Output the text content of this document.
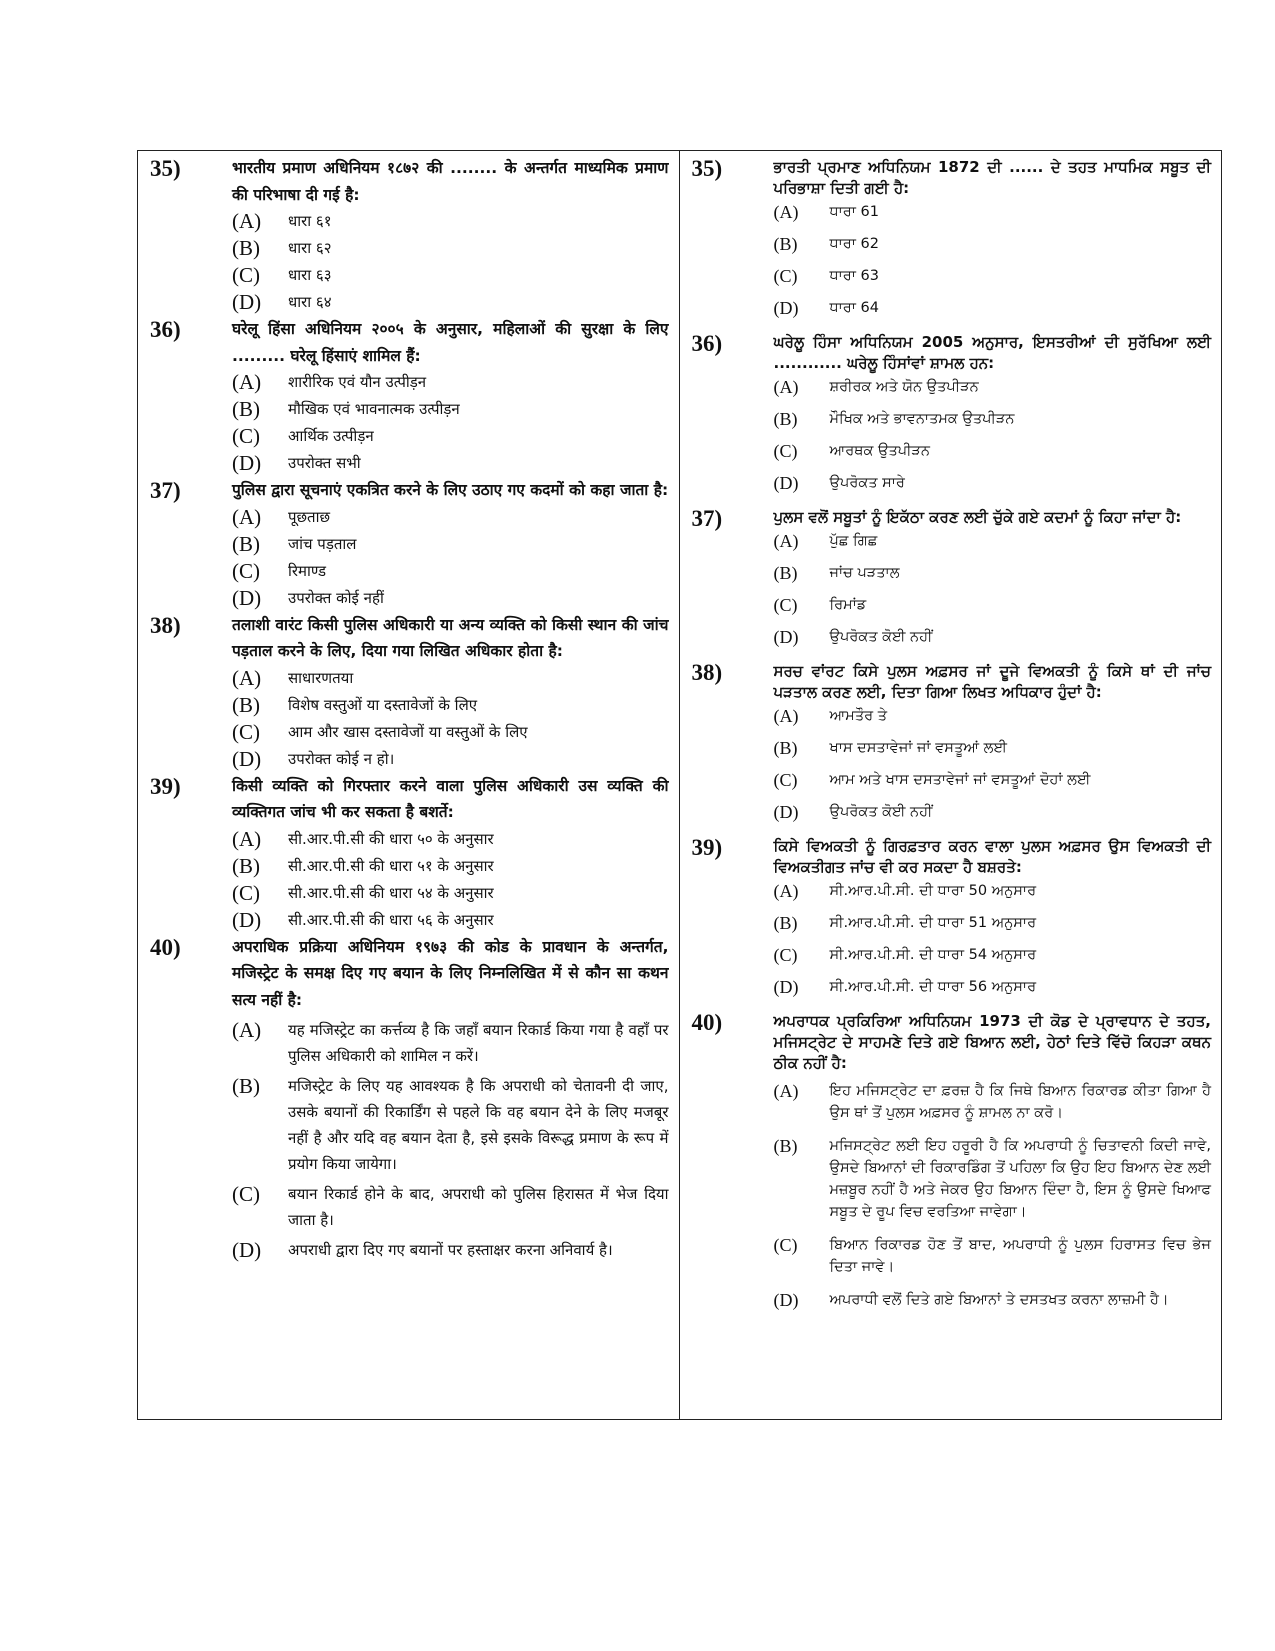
35)	भारतीय प्रमाण अधिनियम १८७२ की ........ के अन्तर्गत माध्यमिक प्रमाण की परिभाषा दी गई है:
(A)	धारा ६१
(B)	धारा ६२
(C)	धारा ६३
(D)	धारा ६४
36)	घरेलू हिंसा अधिनियम २००५ के अनुसार, महिलाओं की सुरक्षा के लिए ......... घरेलू हिंसाएं शामिल हैं:
(A)	शारीरिक एवं यौन उत्पीड़न
(B)	मौखिक एवं भावनात्मक उत्पीड़न
(C)	आर्थिक उत्पीड़न
(D)	उपरोक्त सभी
37)	पुलिस द्वारा सूचनाएं एकत्रित करने के लिए उठाए गए कदमों को कहा जाता है:
(A)	पूछताछ
(B)	जांच पड़ताल
(C)	रिमाण्ड
(D)	उपरोक्त कोई नहीं
38)	तलाशी वारंट किसी पुलिस अधिकारी या अन्य व्यक्ति को किसी स्थान की जांच पड़ताल करने के लिए, दिया गया लिखित अधिकार होता है:
(A)	साधारणतया
(B)	विशेष वस्तुओं या दस्तावेजों के लिए
(C)	आम और खास दस्तावेजों या वस्तुओं के लिए
(D)	उपरोक्त कोई न हो।
39)	किसी व्यक्ति को गिरफ्तार करने वाला पुलिस अधिकारी उस व्यक्ति की व्यक्तिगत जांच भी कर सकता है बशर्ते:
(A)	सी.आर.पी.सी की धारा ५० के अनुसार
(B)	सी.आर.पी.सी की धारा ५१ के अनुसार
(C)	सी.आर.पी.सी की धारा ५४ के अनुसार
(D)	सी.आर.पी.सी की धारा ५६ के अनुसार
40)	अपराधिक प्रक्रिया अधिनियम १९७३ की कोड के प्रावधान के अन्तर्गत, मजिस्ट्रेट के समक्ष दिए गए बयान के लिए निम्नलिखित में से कौन सा कथन सत्य नहीं है:
(A)	यह मजिस्ट्रेट का कर्त्तव्य है कि जहाँ बयान रिकार्ड किया गया है वहाँ पर पुलिस अधिकारी को शामिल न करें।
(B)	मजिस्ट्रेट के लिए यह आवश्यक है कि अपराधी को चेतावनी दी जाए, उसके बयानों की रिकार्डिंग से पहले कि वह बयान देने के लिए मजबूर नहीं है और यदि वह बयान देता है, इसे इसके विरूद्ध प्रमाण के रूप में प्रयोग किया जायेगा।
(C)	बयान रिकार्ड होने के बाद, अपराधी को पुलिस हिरासत में भेज दिया जाता है।
(D)	अपराधी द्वारा दिए गए बयानों पर हस्ताक्षर करना अनिवार्य है।
35)	ਭਾਰਤੀ ਪ੍ਰਮਾਣ ਅਧਿਨਿਯਮ 1872 ਦੀ ...... ਦੇ ਤਹਤ ਮਾਧਮਿਕ ਸਬੂਤ ਦੀ ਪਰਿਭਾਸ਼ਾ ਦਿਤੀ ਗਈ ਹੈ:
(A)	ਧਾਰਾ 61
(B)	ਧਾਰਾ 62
(C)	ਧਾਰਾ 63
(D)	ਧਾਰਾ 64
36)	ਘਰੇਲੂ ਹਿੰਸਾ ਅਧਿਨਿਯਮ 2005 ਅਨੁਸਾਰ, ਇਸਤਰੀਆਂ ਦੀ ਸੁਰੱਖਿਆ ਲਈ ............ ਘਰੇਲੂ ਹਿੰਸਾਂਵਾਂ ਸ਼ਾਮਲ ਹਨ:
(A)	ਸ਼ਰੀਰਕ ਅਤੇ ਯੋਨ ਉਤਪੀੜਨ
(B)	ਮੌਖਿਕ ਅਤੇ ਭਾਵਨਾਤਮਕ ਉਤਪੀੜਨ
(C)	ਆਰਥਕ ਉਤਪੀੜਨ
(D)	ਉਪਰੋਕਤ ਸਾਰੇ
37)	ਪੁਲਸ ਵਲੋਂ ਸਬੂਤਾਂ ਨੂੰ ਇਕੱਠਾ ਕਰਣ ਲਈ ਚੁੱਕੇ ਗਏ ਕਦਮਾਂ ਨੂੰ ਕਿਹਾ ਜਾਂਦਾ ਹੈ:
(A)	ਪੁੱਛ ਗਿਛ
(B)	ਜਾਂਚ ਪੜਤਾਲ
(C)	ਰਿਮਾਂਡ
(D)	ਉਪਰੋਕਤ ਕੋਈ ਨਹੀਂ
38)	ਸਰਚ ਵਾਂਰਟ ਕਿਸੇ ਪੁਲਸ ਅਫ਼ਸਰ ਜਾਂ ਦੂਜੇ ਵਿਅਕਤੀ ਨੂੰ ਕਿਸੇ ਥਾਂ ਦੀ ਜਾਂਚ ਪੜਤਾਲ ਕਰਣ ਲਈ, ਦਿਤਾ ਗਿਆ ਲਿਖਤ ਅਧਿਕਾਰ ਹੁੰਦਾਂ ਹੈ:
(A)	ਆਮਤੌਰ ਤੇ
(B)	ਖਾਸ ਦਸਤਾਵੇਜਾਂ ਜਾਂ ਵਸਤੂਆਂ ਲਈ
(C)	ਆਮ ਅਤੇ ਖਾਸ ਦਸਤਾਵੇਜਾਂ ਜਾਂ ਵਸਤੂਆਂ ਦੋਹਾਂ ਲਈ
(D)	ਉਪਰੋਕਤ ਕੋਈ ਨਹੀਂ
39)	ਕਿਸੇ ਵਿਅਕਤੀ ਨੂੰ ਗਿਰਫ਼ਤਾਰ ਕਰਨ ਵਾਲਾ ਪੁਲਸ ਅਫ਼ਸਰ ਉਸ ਵਿਅਕਤੀ ਦੀ ਵਿਅਕਤੀਗਤ ਜਾਂਚ ਵੀ ਕਰ ਸਕਦਾ ਹੈ ਬਸ਼ਰਤੇ:
(A)	ਸੀ.ਆਰ.ਪੀ.ਸੀ. ਦੀ ਧਾਰਾ 50 ਅਨੁਸਾਰ
(B)	ਸੀ.ਆਰ.ਪੀ.ਸੀ. ਦੀ ਧਾਰਾ 51 ਅਨੁਸਾਰ
(C)	ਸੀ.ਆਰ.ਪੀ.ਸੀ. ਦੀ ਧਾਰਾ 54 ਅਨੁਸਾਰ
(D)	ਸੀ.ਆਰ.ਪੀ.ਸੀ. ਦੀ ਧਾਰਾ 56 ਅਨੁਸਾਰ
40)	ਅਪਰਾਧਕ ਪ੍ਰਕਿਰਿਆ ਅਧਿਨਿਯਮ 1973 ਦੀ ਕੋਡ ਦੇ ਪ੍ਰਾਵਧਾਨ ਦੇ ਤਹਤ, ਮਜਿਸਟ੍ਰੇਟ ਦੇ ਸਾਹਮਣੇ ਦਿਤੇ ਗਏ ਬਿਆਨ ਲਈ, ਹੇਠਾਂ ਦਿਤੇ ਵਿੱਚੋ ਕਿਹੜਾ ਕਥਨ ਠੀਕ ਨਹੀਂ ਹੈ:
(A)	ਇਹ ਮਜਿਸਟ੍ਰੇਟ ਦਾ ਫ਼ਰਜ਼ ਹੈ ਕਿ ਜਿਥੇ ਬਿਆਨ ਰਿਕਾਰਡ ਕੀਤਾ ਗਿਆ ਹੈ ਉਸ ਥਾਂ ਤੋਂ ਪੁਲਸ ਅਫ਼ਸਰ ਨੂੰ ਸ਼ਾਮਲ ਨਾ ਕਰੋ।
(B)	ਮਜਿਸਟ੍ਰੇਟ ਲਈ ਇਹ ਹਰੂਰੀ ਹੈ ਕਿ ਅਪਰਾਧੀ ਨੂੰ ਚਿਤਾਵਨੀ ਕਿਦੀ ਜਾਵੇ, ਉਸਦੇ ਬਿਆਨਾਂ ਦੀ ਰਿਕਾਰਡਿੰਗ ਤੋਂ ਪਹਿਲਾ ਕਿ ਉਹ ਇਹ ਬਿਆਨ ਦੇਣ ਲਈ ਮਜ਼ਬੂਰ ਨਹੀਂ ਹੈ ਅਤੇ ਜੇਕਰ ਉਹ ਬਿਆਨ ਦਿੰਦਾ ਹੈ, ਇਸ ਨੂੰ ਉਸਦੇ ਖਿਆਫ ਸਬੂਤ ਦੇ ਰੂਪ ਵਿਚ ਵਰਤਿਆ ਜਾਵੇਗਾ।
(C)	ਬਿਆਨ ਰਿਕਾਰਡ ਹੋਣ ਤੋਂ ਬਾਦ, ਅਪਰਾਧੀ ਨੂੰ ਪੁਲਸ ਹਿਰਾਸਤ ਵਿਚ ਭੇਜ ਦਿਤਾ ਜਾਵੇ।
(D)	ਅਪਰਾਧੀ ਵਲੋਂ ਦਿਤੇ ਗਏ ਬਿਆਨਾਂ ਤੇ ਦਸਤਖਤ ਕਰਨਾ ਲਾਜ਼ਮੀ ਹੈ।
